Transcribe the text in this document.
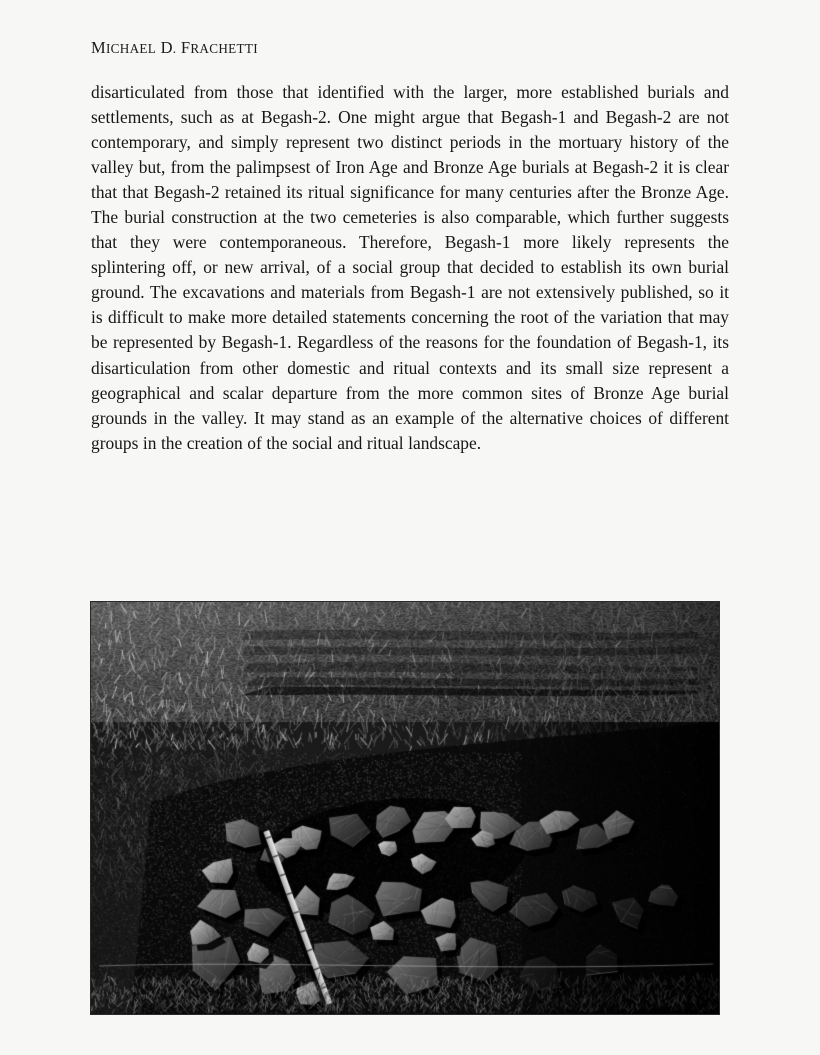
MICHAEL D. FRACHETTI

disarticulated from those that identified with the larger, more established burials and settlements, such as at Begash-2. One might argue that Begash-1 and Begash-2 are not contemporary, and simply represent two distinct periods in the mortuary history of the valley but, from the palimpsest of Iron Age and Bronze Age burials at Begash-2 it is clear that that Begash-2 retained its ritual significance for many centuries after the Bronze Age. The burial construction at the two cemeteries is also comparable, which further suggests that they were contemporaneous. Therefore, Begash-1 more likely represents the splintering off, or new arrival, of a social group that decided to establish its own burial ground. The excavations and materials from Begash-1 are not extensively published, so it is difficult to make more detailed statements concerning the root of the variation that may be represented by Begash-1. Regardless of the reasons for the foundation of Begash-1, its disarticulation from other domestic and ritual contexts and its small size represent a geographical and scalar departure from the more common sites of Bronze Age burial grounds in the valley. It may stand as an example of the alternative choices of different groups in the creation of the social and ritual landscape.
